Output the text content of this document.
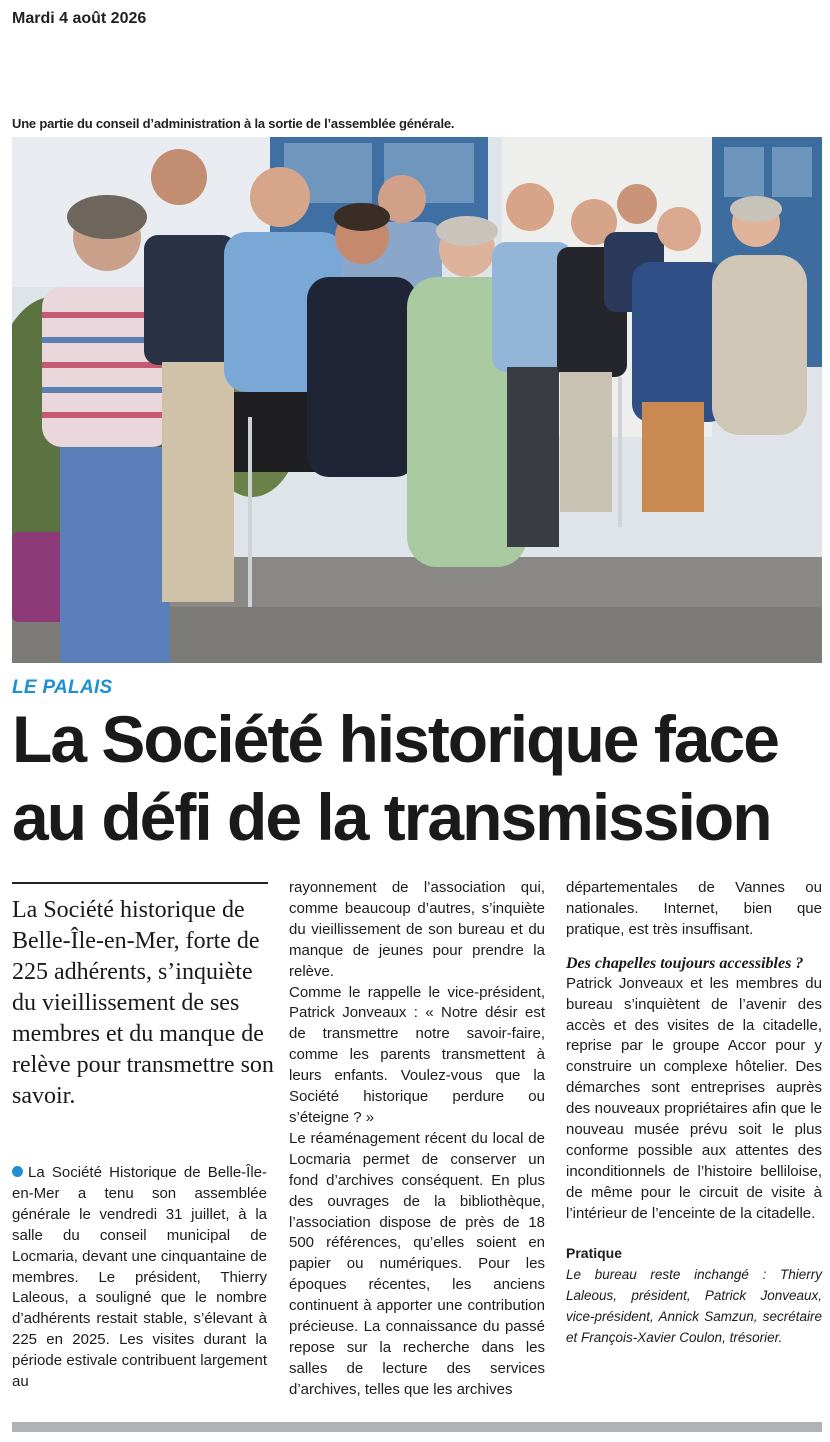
Mardi 4 août 2026
Une partie du conseil d’administration à la sortie de l’assemblée générale.
LE PALAIS
La Société historique face au défi de la transmission

La Société historique de Belle-Île-en-Mer, forte de 225 adhérents, s’inquiète du vieillissement de ses membres et du manque de relève pour transmettre son savoir.

La Société Historique de Belle-Île-en-Mer a tenu son assemblée générale le vendredi 31 juillet, à la salle du conseil municipal de Locmaria, devant une cinquantaine de membres. Le président, Thierry Laleous, a souligné que le nombre d’adhérents restait stable, s’élevant à 225 en 2025. Les visites durant la période estivale contribuent largement au

rayonnement de l’association qui, comme beaucoup d’autres, s’inquiète du vieillissement de son bureau et du manque de jeunes pour prendre la relève.

Comme le rappelle le vice-président, Patrick Jonveaux : « Notre désir est de transmettre notre savoir-faire, comme les parents transmettent à leurs enfants. Voulez-vous que la Société historique perdure ou s’éteigne ? »

Le réaménagement récent du local de Locmaria permet de conserver un fond d’archives conséquent. En plus des ouvrages de la bibliothèque, l’association dispose de près de 18 500 références, qu’elles soient en papier ou numériques. Pour les époques récentes, les anciens continuent à apporter une contribution précieuse. La connaissance du passé repose sur la recherche dans les salles de lecture des services d’archives, telles que les archives

départementales de Vannes ou nationales. Internet, bien que pratique, est très insuffisant.

Des chapelles toujours accessibles ?

Patrick Jonveaux et les membres du bureau s’inquiètent de l’avenir des accès et des visites de la citadelle, reprise par le groupe Accor pour y construire un complexe hôtelier. Des démarches sont entreprises auprès des nouveaux propriétaires afin que le nouveau musée prévu soit le plus conforme possible aux attentes des inconditionnels de l’histoire belliloise, de même pour le circuit de visite à l’intérieur de l’enceinte de la citadelle.

Pratique

Le bureau reste inchangé : Thierry Laleous, président, Patrick Jonveaux, vice-président, Annick Samzun, secrétaire et François-Xavier Coulon, trésorier.
